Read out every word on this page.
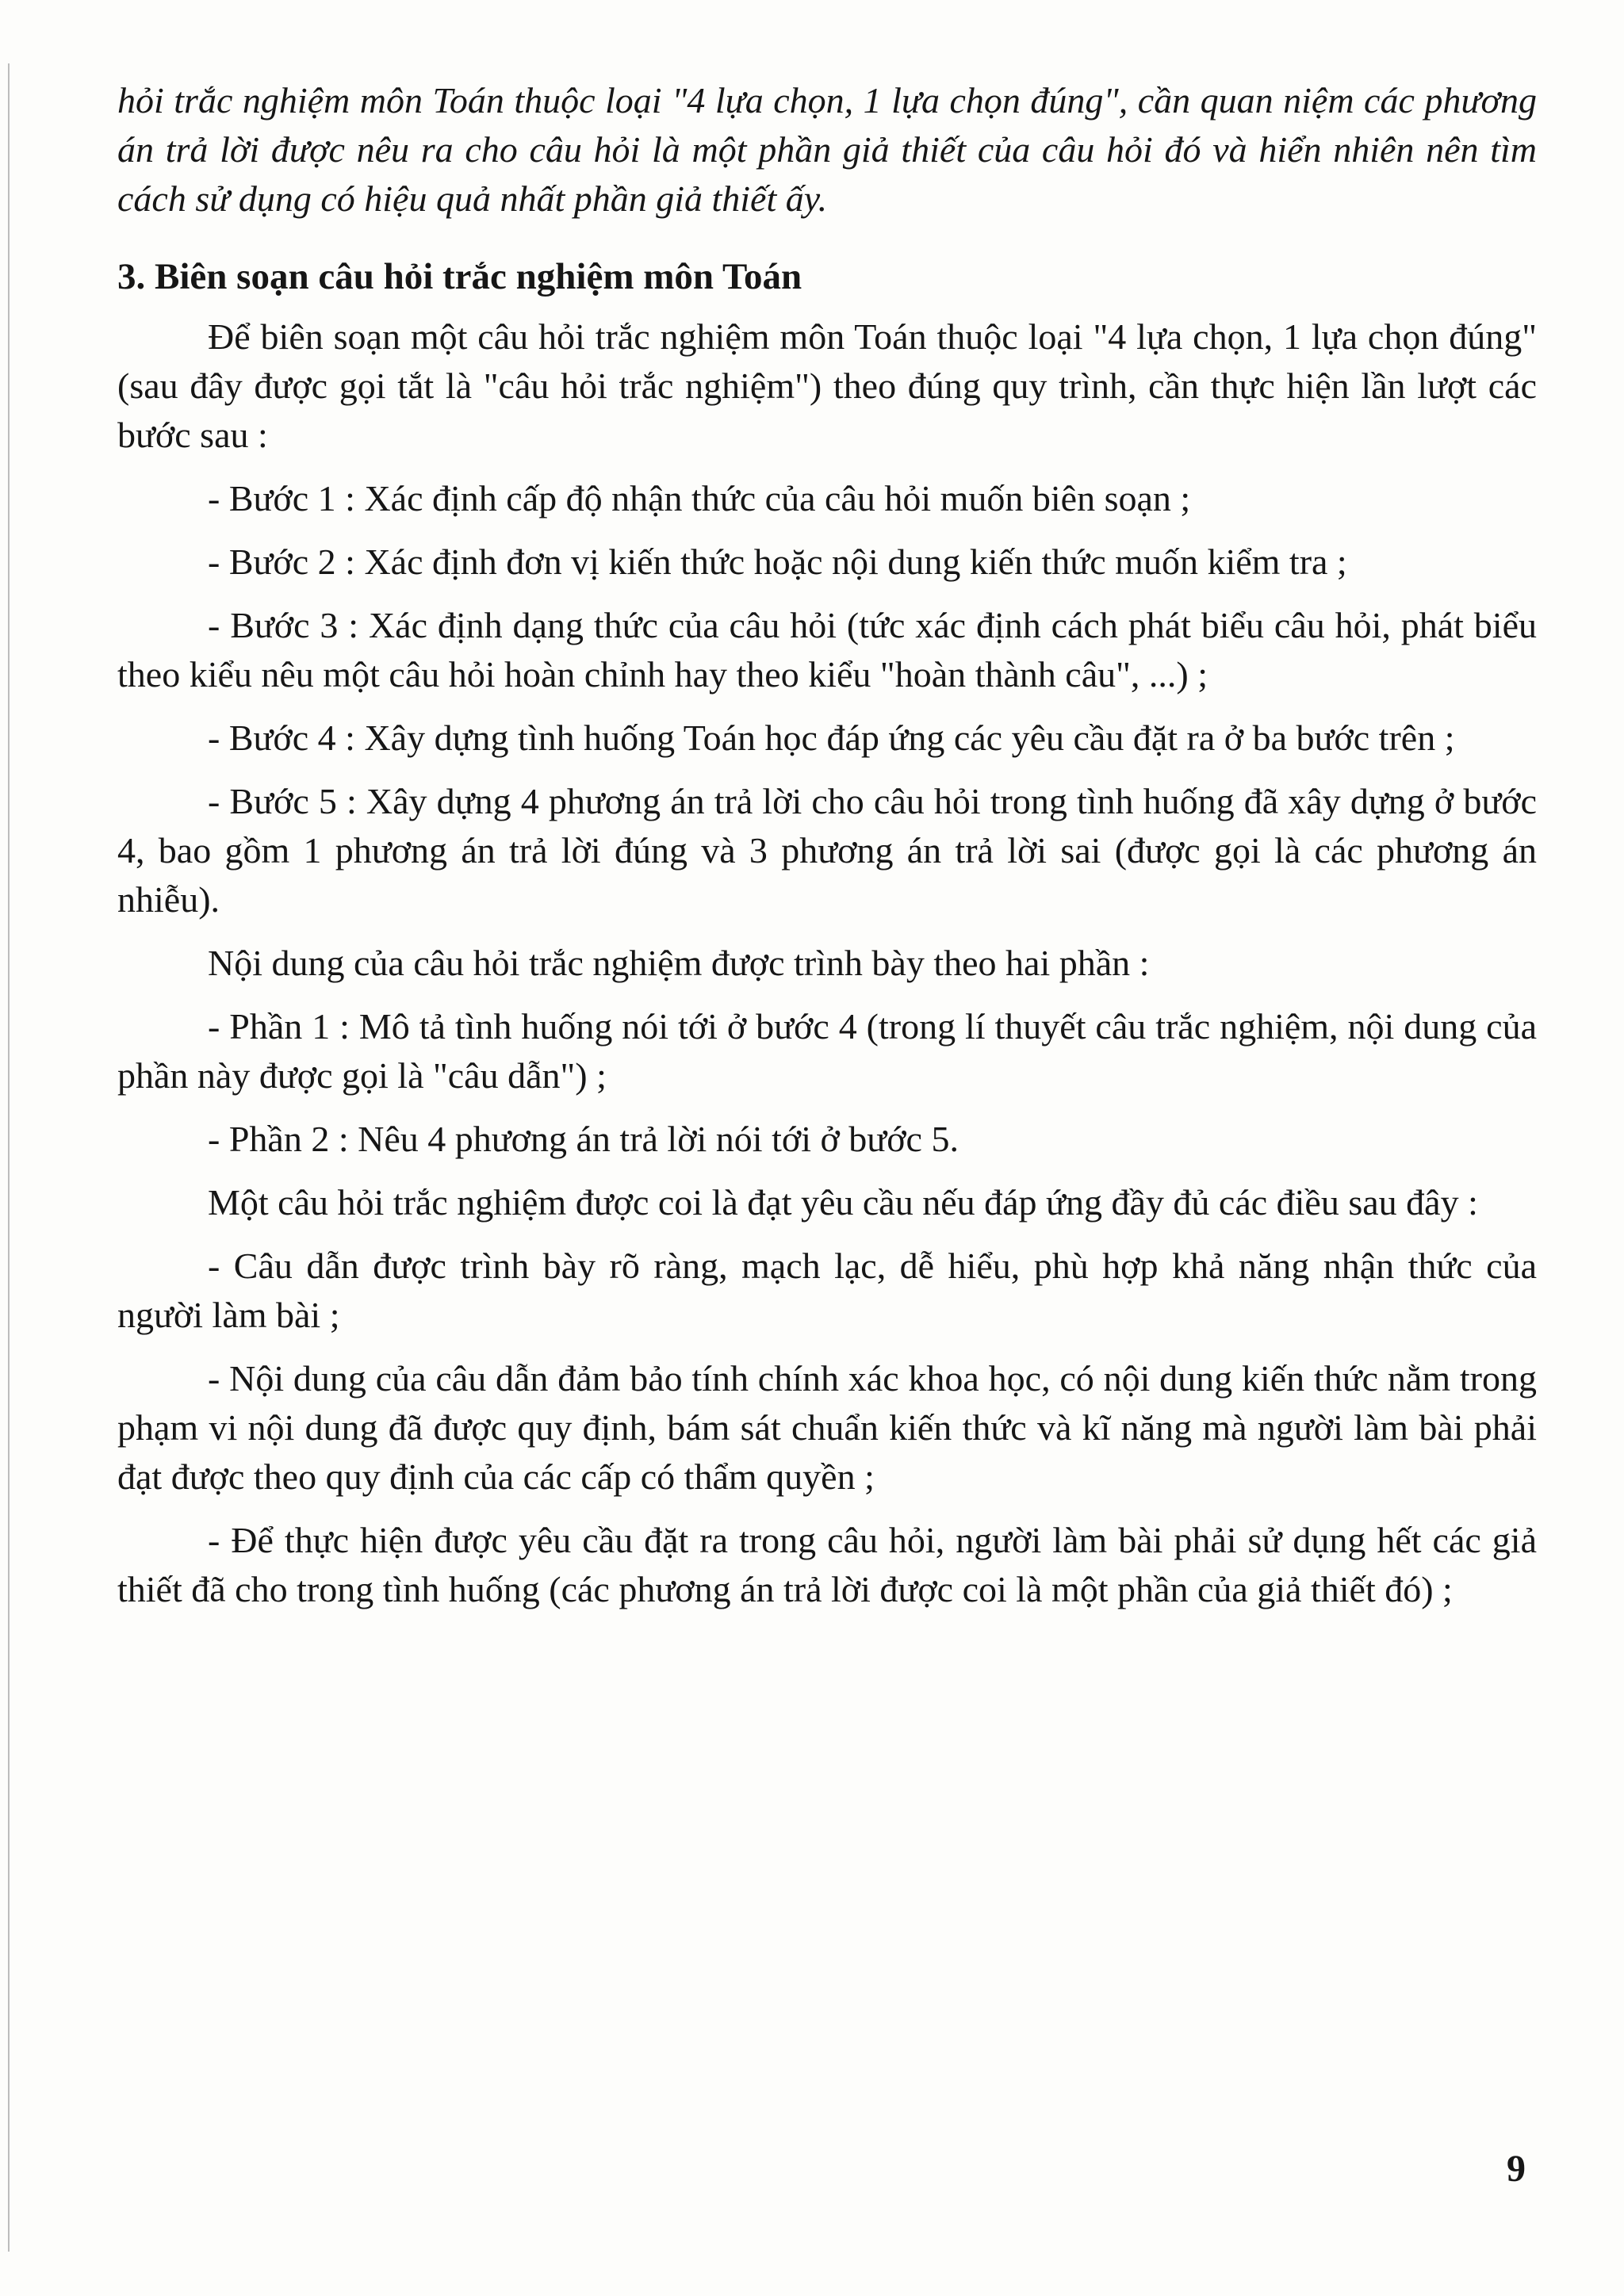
hỏi trắc nghiệm môn Toán thuộc loại "4 lựa chọn, 1 lựa chọn đúng", cần quan niệm các phương án trả lời được nêu ra cho câu hỏi là một phần giả thiết của câu hỏi đó và hiển nhiên nên tìm cách sử dụng có hiệu quả nhất phần giả thiết ấy.

3. Biên soạn câu hỏi trắc nghiệm môn Toán

Để biên soạn một câu hỏi trắc nghiệm môn Toán thuộc loại "4 lựa chọn, 1 lựa chọn đúng" (sau đây được gọi tắt là "câu hỏi trắc nghiệm") theo đúng quy trình, cần thực hiện lần lượt các bước sau :

- Bước 1 : Xác định cấp độ nhận thức của câu hỏi muốn biên soạn ;

- Bước 2 : Xác định đơn vị kiến thức hoặc nội dung kiến thức muốn kiểm tra ;

- Bước 3 : Xác định dạng thức của câu hỏi (tức xác định cách phát biểu câu hỏi, phát biểu theo kiểu nêu một câu hỏi hoàn chỉnh hay theo kiểu "hoàn thành câu", ...) ;

- Bước 4 : Xây dựng tình huống Toán học đáp ứng các yêu cầu đặt ra ở ba bước trên ;

- Bước 5 : Xây dựng 4 phương án trả lời cho câu hỏi trong tình huống đã xây dựng ở bước 4, bao gồm 1 phương án trả lời đúng và 3 phương án trả lời sai (được gọi là các phương án nhiễu).

Nội dung của câu hỏi trắc nghiệm được trình bày theo hai phần :

- Phần 1 : Mô tả tình huống nói tới ở bước 4 (trong lí thuyết câu trắc nghiệm, nội dung của phần này được gọi là "câu dẫn") ;

- Phần 2 : Nêu 4 phương án trả lời nói tới ở bước 5.

Một câu hỏi trắc nghiệm được coi là đạt yêu cầu nếu đáp ứng đầy đủ các điều sau đây :

- Câu dẫn được trình bày rõ ràng, mạch lạc, dễ hiểu, phù hợp khả năng nhận thức của người làm bài ;

- Nội dung của câu dẫn đảm bảo tính chính xác khoa học, có nội dung kiến thức nằm trong phạm vi nội dung đã được quy định, bám sát chuẩn kiến thức và kĩ năng mà người làm bài phải đạt được theo quy định của các cấp có thẩm quyền ;

- Để thực hiện được yêu cầu đặt ra trong câu hỏi, người làm bài phải sử dụng hết các giả thiết đã cho trong tình huống (các phương án trả lời được coi là một phần của giả thiết đó) ;

9
